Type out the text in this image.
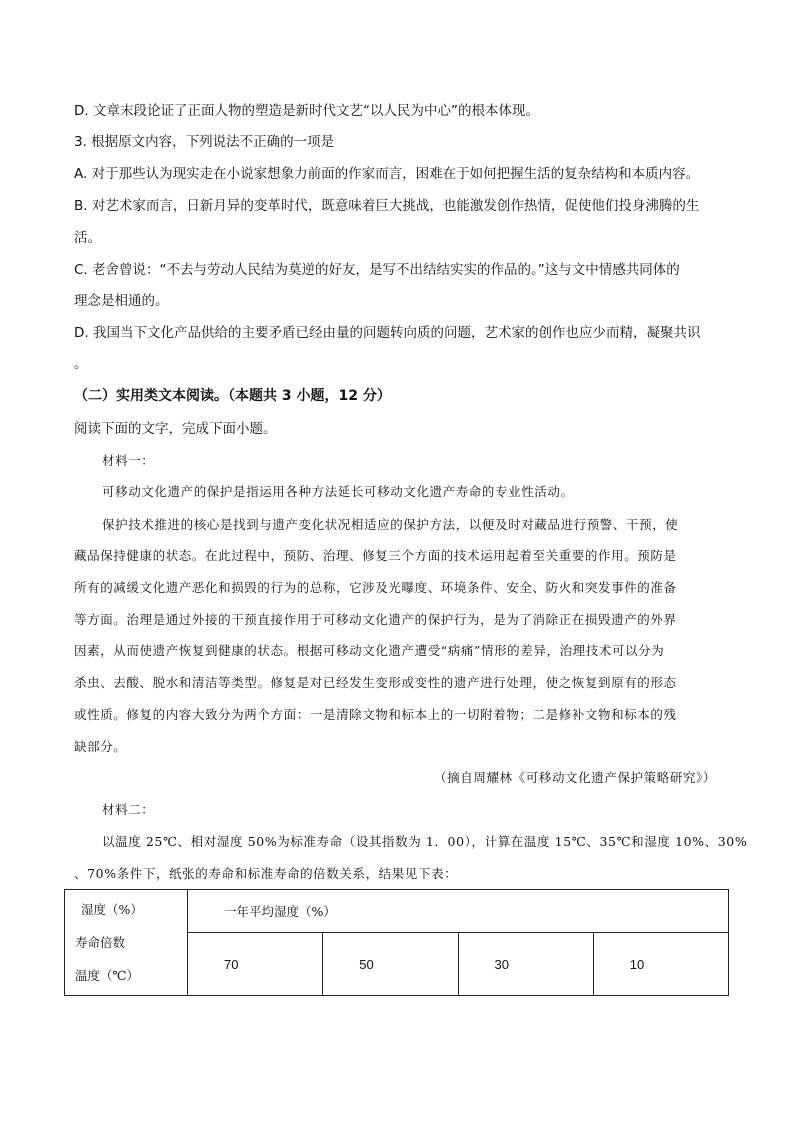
D. 文章末段论证了正面人物的塑造是新时代文艺“以人民为中心”的根本体现。
3. 根据原文内容，下列说法不正确的一项是
A. 对于那些认为现实走在小说家想象力前面的作家而言，困难在于如何把握生活的复杂结构和本质内容。
B. 对艺术家而言，日新月异的变革时代，既意味着巨大挑战，也能激发创作热情，促使他们投身沸腾的生
活。
C. 老舍曾说：“不去与劳动人民结为莫逆的好友，是写不出结结实实的作品的。”这与文中情感共同体的
理念是相通的。
D. 我国当下文化产品供给的主要矛盾已经由量的问题转向质的问题，艺术家的创作也应少而精，凝聚共识
。
（二）实用类文本阅读。（本题共 3 小题，12 分）
阅读下面的文字，完成下面小题。
材料一：
可移动文化遗产的保护是指运用各种方法延长可移动文化遗产寿命的专业性活动。
保护技术推进的核心是找到与遗产变化状况相适应的保护方法，以便及时对藏品进行预警、干预，使
藏品保持健康的状态。在此过程中，预防、治理、修复三个方面的技术运用起着至关重要的作用。预防是
所有的减缓文化遗产恶化和损毁的行为的总称，它涉及光曝度、环境条件、安全、防火和突发事件的准备
等方面。治理是通过外接的干预直接作用于可移动文化遗产的保护行为，是为了消除正在损毁遗产的外界
因素，从而使遗产恢复到健康的状态。根据可移动文化遗产遭受“病痛”情形的差异，治理技术可以分为
杀虫、去酸、脱水和清洁等类型。修复是对已经发生变形或变性的遗产进行处理，使之恢复到原有的形态
或性质。修复的内容大致分为两个方面：一是清除文物和标本上的一切附着物；二是修补文物和标本的残
缺部分。
（摘自周耀林《可移动文化遗产保护策略研究》）
材料二：
以温度 25℃、相对湿度 50%为标准寿命（设其指数为 1．00），计算在温度 15℃、35℃和湿度 10%、30%
、70%条件下，纸张的寿命和标准寿命的倍数关系，结果见下表：
湿度（%）
寿命倍数
温度（℃）	一年平均湿度（%）			
	70	50	30	10
